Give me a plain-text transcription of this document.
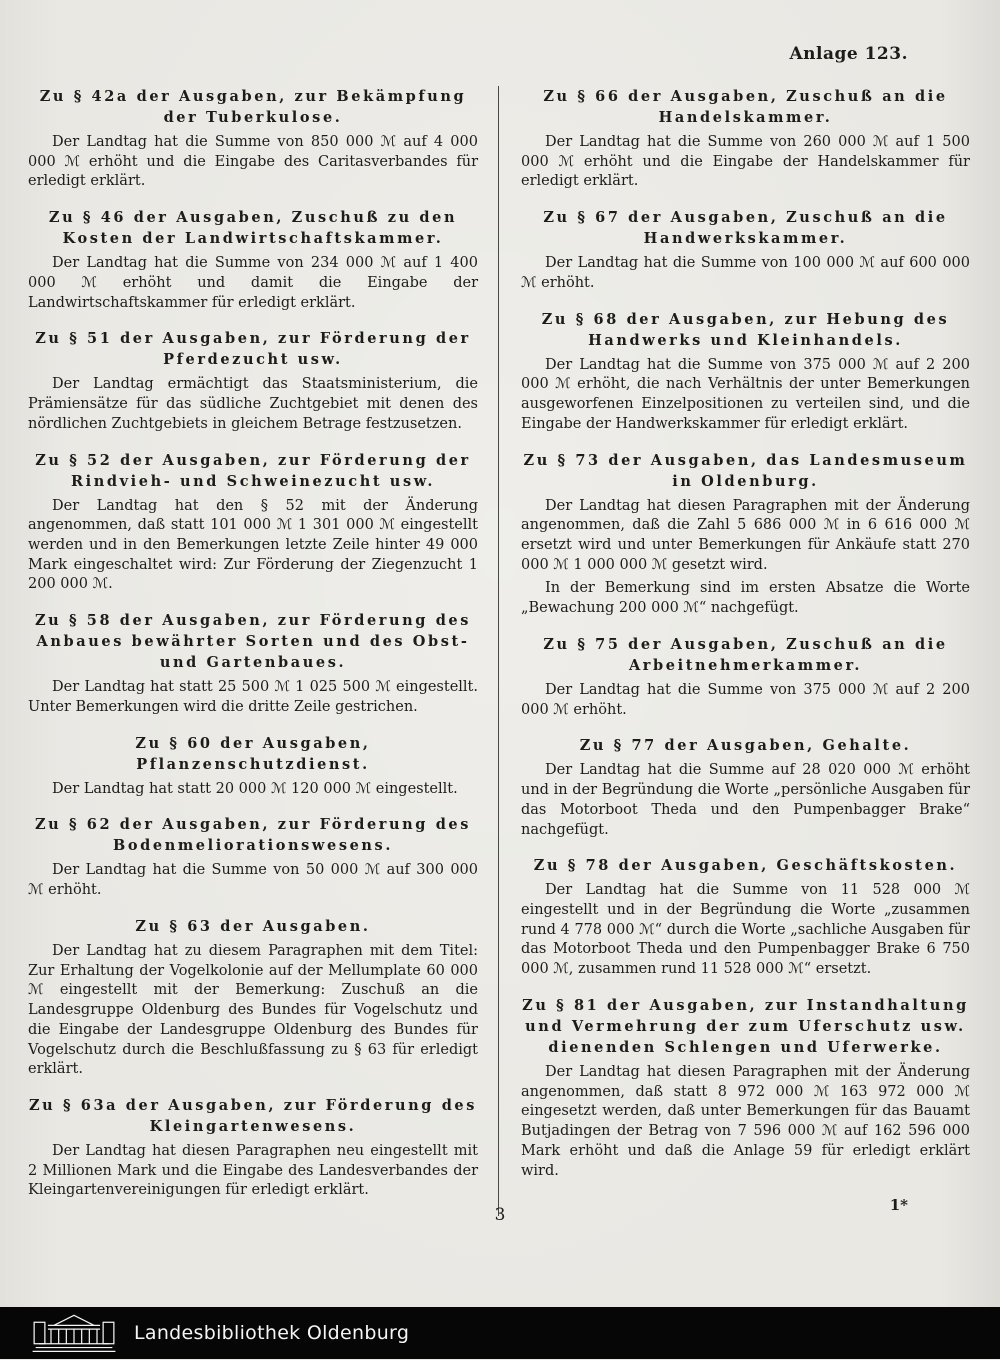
Anlage 123.
Zu § 42a der Ausgaben, zur Bekämpfung der Tuberkulose.

Der Landtag hat die Summe von 850 000 ℳ auf 4 000 000 ℳ erhöht und die Eingabe des Caritasverbandes für erledigt erklärt.

Zu § 46 der Ausgaben, Zuschuß zu den Kosten der Landwirtschaftskammer.

Der Landtag hat die Summe von 234 000 ℳ auf 1 400 000 ℳ erhöht und damit die Eingabe der Landwirtschaftskammer für erledigt erklärt.

Zu § 51 der Ausgaben, zur Förderung der Pferdezucht usw.

Der Landtag ermächtigt das Staatsministerium, die Prämiensätze für das südliche Zuchtgebiet mit denen des nördlichen Zuchtgebiets in gleichem Betrage festzusetzen.

Zu § 52 der Ausgaben, zur Förderung der Rindvieh- und Schweinezucht usw.

Der Landtag hat den § 52 mit der Änderung angenommen, daß statt 101 000 ℳ 1 301 000 ℳ eingestellt werden und in den Bemerkungen letzte Zeile hinter 49 000 Mark eingeschaltet wird: Zur Förderung der Ziegenzucht 1 200 000 ℳ.

Zu § 58 der Ausgaben, zur Förderung des Anbaues bewährter Sorten und des Obst- und Gartenbaues.

Der Landtag hat statt 25 500 ℳ 1 025 500 ℳ eingestellt. Unter Bemerkungen wird die dritte Zeile gestrichen.

Zu § 60 der Ausgaben, Pflanzenschutzdienst.

Der Landtag hat statt 20 000 ℳ 120 000 ℳ eingestellt.

Zu § 62 der Ausgaben, zur Förderung des Bodenmeliorationswesens.

Der Landtag hat die Summe von 50 000 ℳ auf 300 000 ℳ erhöht.

Zu § 63 der Ausgaben.

Der Landtag hat zu diesem Paragraphen mit dem Titel: Zur Erhaltung der Vogelkolonie auf der Mellumplate 60 000 ℳ eingestellt mit der Bemerkung: Zuschuß an die Landesgruppe Oldenburg des Bundes für Vogelschutz und die Eingabe der Landesgruppe Oldenburg des Bundes für Vogelschutz durch die Beschlußfassung zu § 63 für erledigt erklärt.

Zu § 63a der Ausgaben, zur Förderung des Kleingartenwesens.

Der Landtag hat diesen Paragraphen neu eingestellt mit 2 Millionen Mark und die Eingabe des Landesverbandes der Kleingartenvereinigungen für erledigt erklärt.

Zu § 66 der Ausgaben, Zuschuß an die Handelskammer.

Der Landtag hat die Summe von 260 000 ℳ auf 1 500 000 ℳ erhöht und die Eingabe der Handelskammer für erledigt erklärt.

Zu § 67 der Ausgaben, Zuschuß an die Handwerkskammer.

Der Landtag hat die Summe von 100 000 ℳ auf 600 000 ℳ erhöht.

Zu § 68 der Ausgaben, zur Hebung des Handwerks und Kleinhandels.

Der Landtag hat die Summe von 375 000 ℳ auf 2 200 000 ℳ erhöht, die nach Verhältnis der unter Bemerkungen ausgeworfenen Einzelpositionen zu verteilen sind, und die Eingabe der Handwerkskammer für erledigt erklärt.

Zu § 73 der Ausgaben, das Landesmuseum in Oldenburg.

Der Landtag hat diesen Paragraphen mit der Änderung angenommen, daß die Zahl 5 686 000 ℳ in 6 616 000 ℳ ersetzt wird und unter Bemerkungen für Ankäufe statt 270 000 ℳ 1 000 000 ℳ gesetzt wird.

In der Bemerkung sind im ersten Absatze die Worte „Bewachung 200 000 ℳ“ nachgefügt.

Zu § 75 der Ausgaben, Zuschuß an die Arbeitnehmerkammer.

Der Landtag hat die Summe von 375 000 ℳ auf 2 200 000 ℳ erhöht.

Zu § 77 der Ausgaben, Gehalte.

Der Landtag hat die Summe auf 28 020 000 ℳ erhöht und in der Begründung die Worte „persönliche Ausgaben für das Motorboot Theda und den Pumpenbagger Brake“ nachgefügt.

Zu § 78 der Ausgaben, Geschäftskosten.

Der Landtag hat die Summe von 11 528 000 ℳ eingestellt und in der Begründung die Worte „zusammen rund 4 778 000 ℳ“ durch die Worte „sachliche Ausgaben für das Motorboot Theda und den Pumpenbagger Brake 6 750 000 ℳ, zusammen rund 11 528 000 ℳ“ ersetzt.

Zu § 81 der Ausgaben, zur Instandhaltung und Vermehrung der zum Uferschutz usw. dienenden Schlengen und Uferwerke.

Der Landtag hat diesen Paragraphen mit der Änderung angenommen, daß statt 8 972 000 ℳ 163 972 000 ℳ eingesetzt werden, daß unter Bemerkungen für das Bauamt Butjadingen der Betrag von 7 596 000 ℳ auf 162 596 000 Mark erhöht und daß die Anlage 59 für erledigt erklärt wird.

1*
3
Landesbibliothek Oldenburg
